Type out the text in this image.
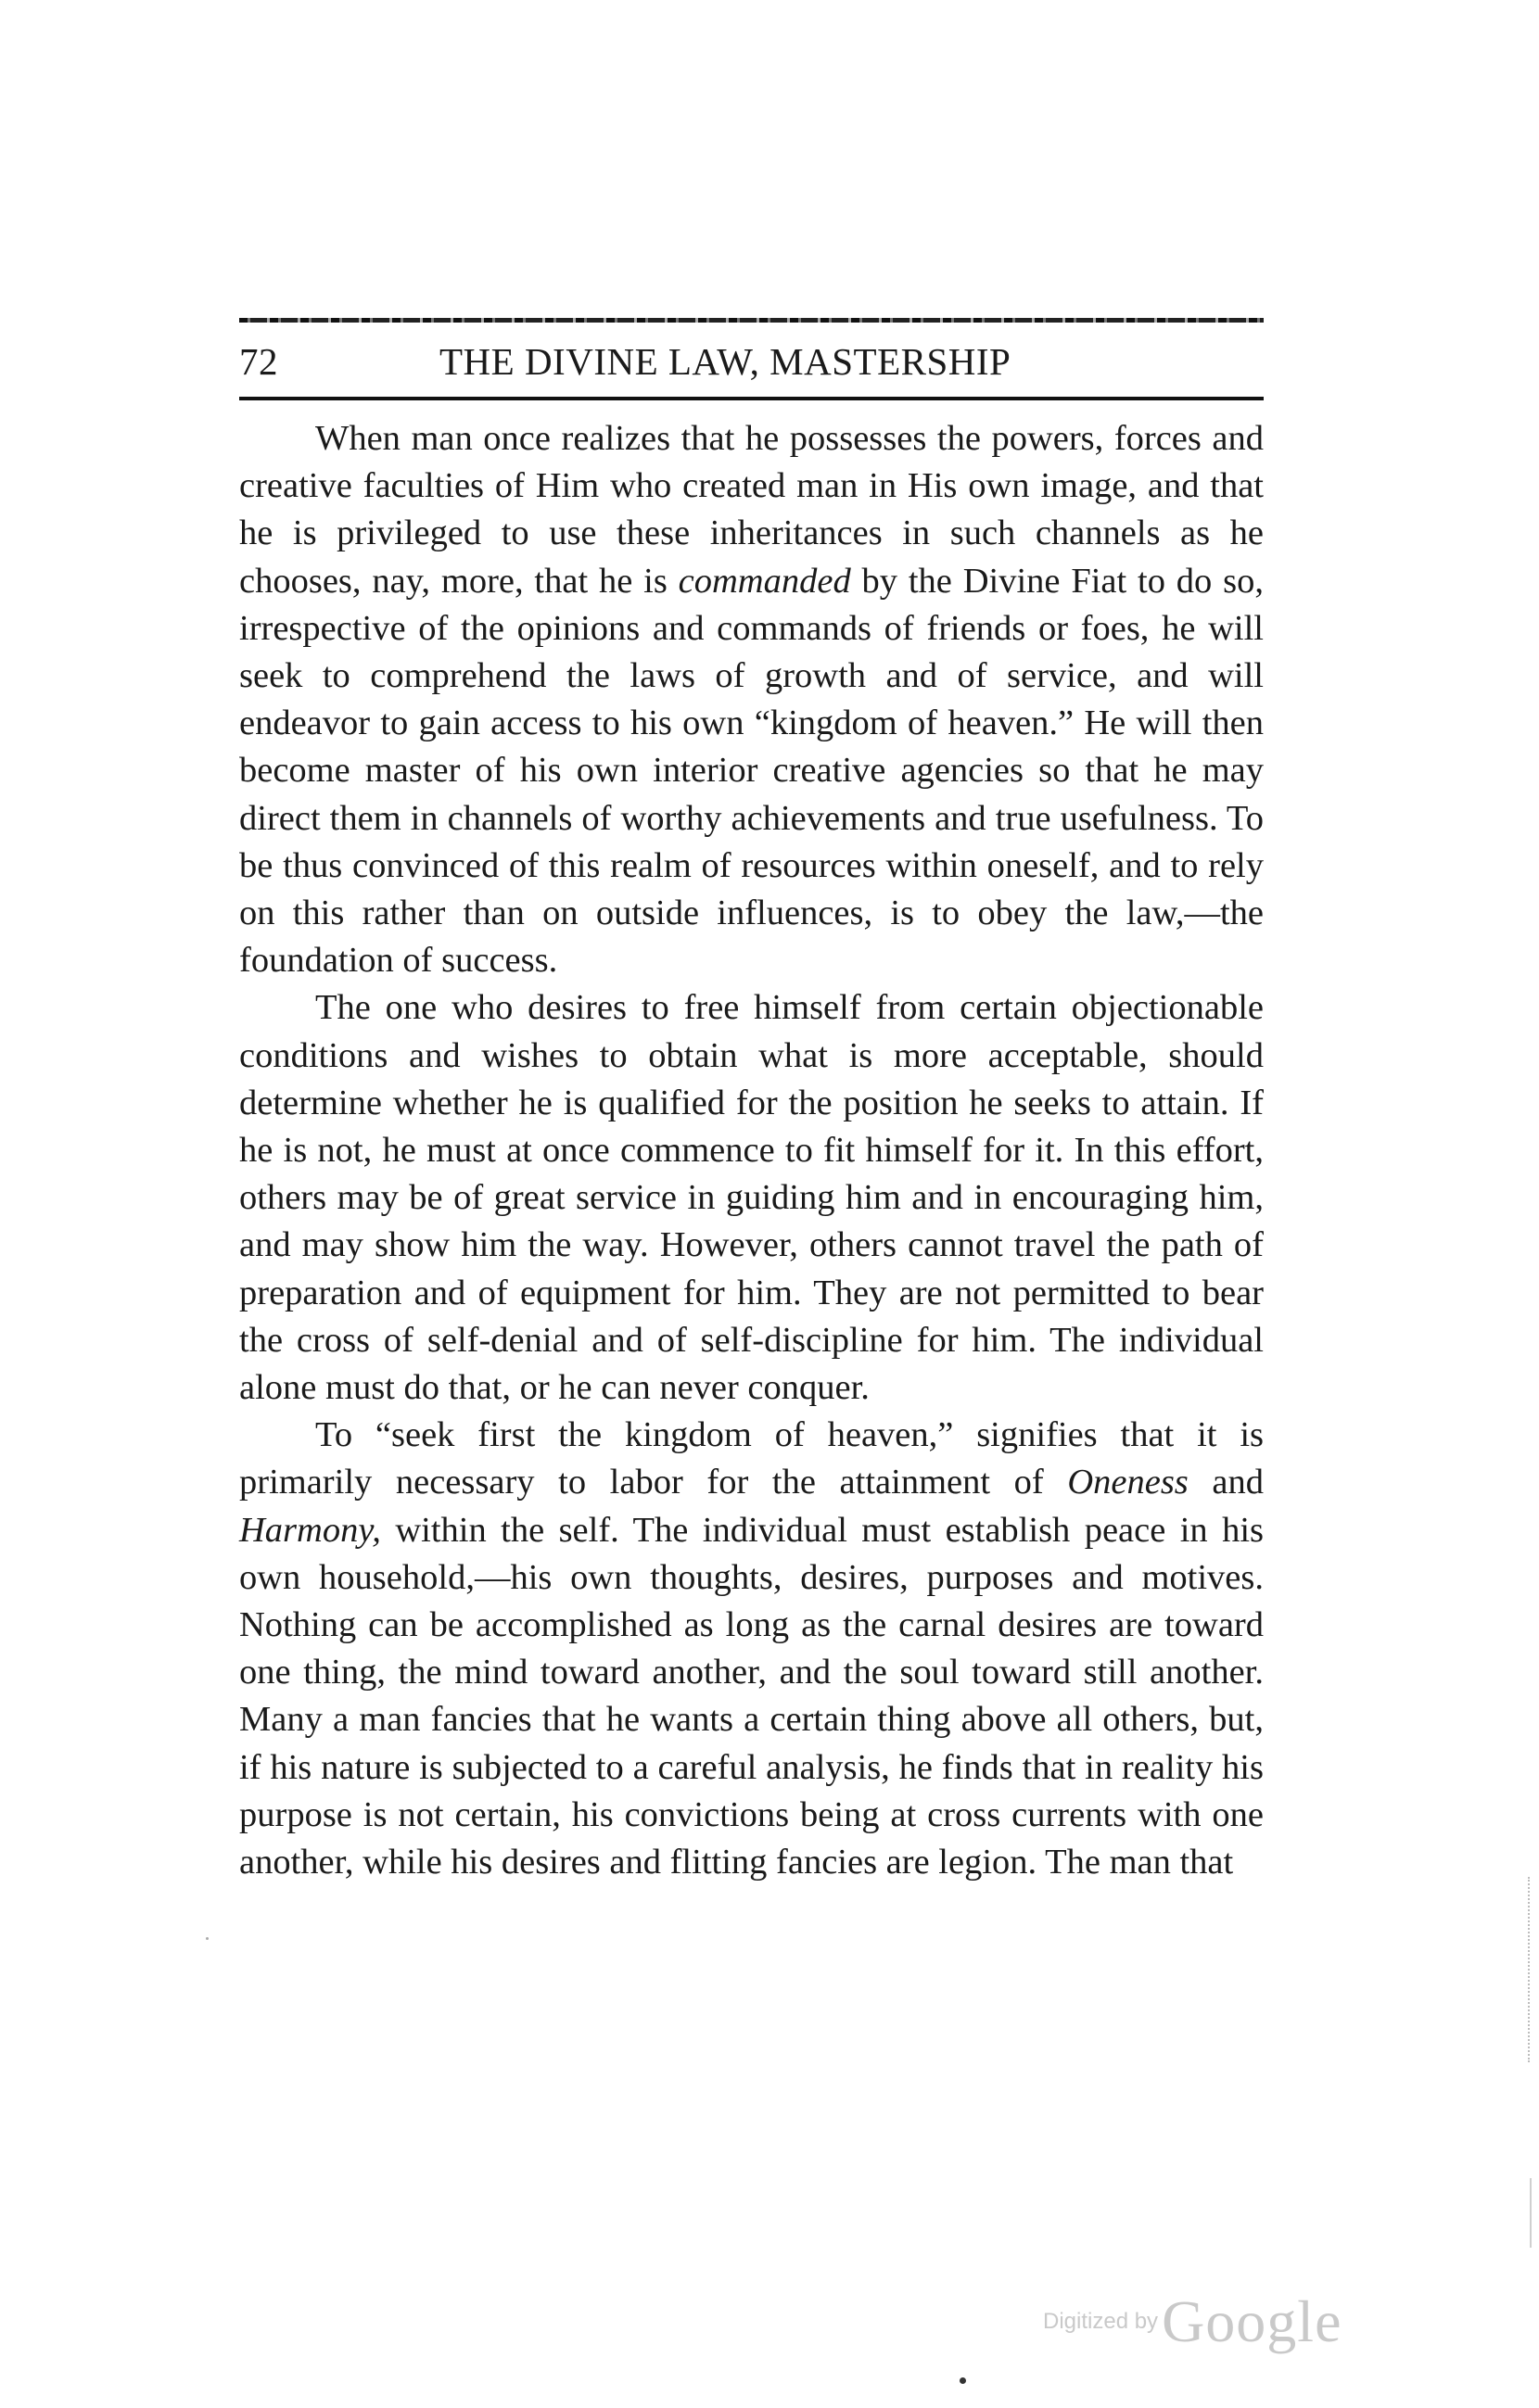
72	THE DIVINE LAW, MASTERSHIP

When man once realizes that he possesses the powers, forces and creative faculties of Him who created man in His own image, and that he is privileged to use these inheritances in such channels as he chooses, nay, more, that he is commanded by the Divine Fiat to do so, irrespective of the opinions and commands of friends or foes, he will seek to comprehend the laws of growth and of service, and will endeavor to gain access to his own “kingdom of heaven.” He will then become master of his own interior creative agencies so that he may direct them in channels of worthy achievements and true usefulness. To be thus convinced of this realm of resources within oneself, and to rely on this rather than on outside influences, is to obey the law,—the foundation of success.

The one who desires to free himself from certain objectionable conditions and wishes to obtain what is more acceptable, should determine whether he is qualified for the position he seeks to attain. If he is not, he must at once commence to fit himself for it. In this effort, others may be of great service in guiding him and in encouraging him, and may show him the way. However, others cannot travel the path of preparation and of equipment for him. They are not permitted to bear the cross of self-denial and of self-discipline for him. The individual alone must do that, or he can never conquer.

To “seek first the kingdom of heaven,” signifies that it is primarily necessary to labor for the attainment of Oneness and Harmony, within the self. The individual must establish peace in his own household,—his own thoughts, desires, purposes and motives. Nothing can be accomplished as long as the carnal desires are toward one thing, the mind toward another, and the soul toward still another. Many a man fancies that he wants a certain thing above all others, but, if his nature is subjected to a careful analysis, he finds that in reality his purpose is not certain, his convictions being at cross currents with one another, while his desires and flitting fancies are legion. The man that

Digitized by Google
